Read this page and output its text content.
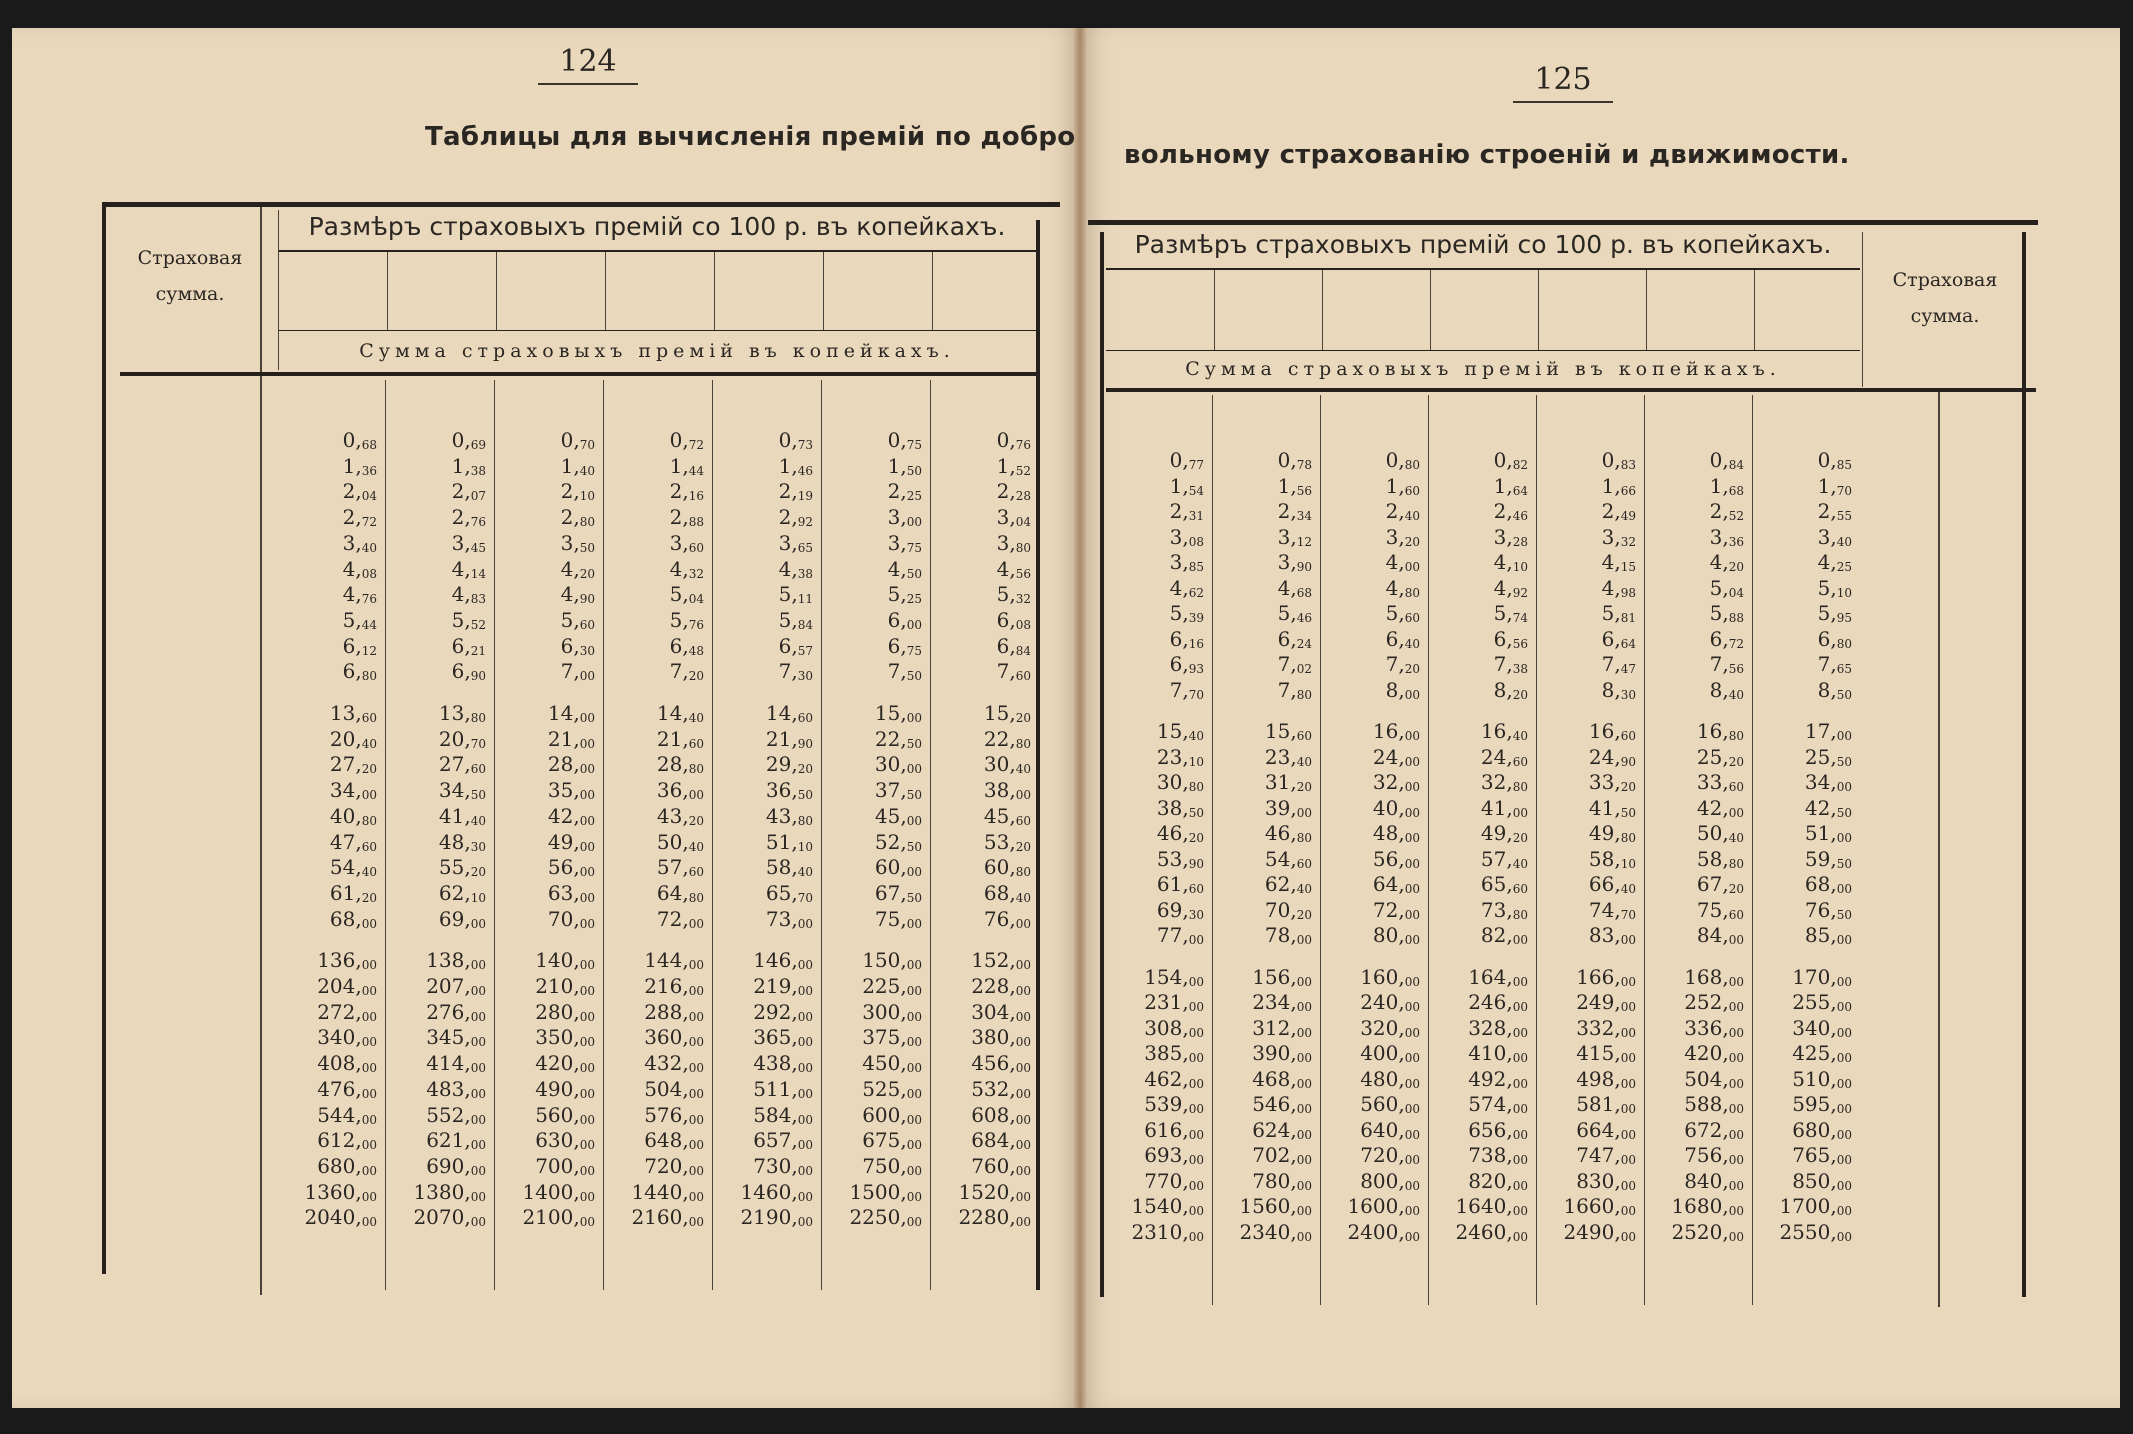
124
Таблицы для вычисленія премій по добро
Страховая сумма.
Размѣръ страховыхъ премій со 100 р. въ копейкахъ.
Сумма страховыхъ премій въ копейкахъ.
125
вольному страхованію строеній и движимости.
Размѣръ страховыхъ премій со 100 р. въ копейкахъ.
Сумма страховыхъ премій въ копейкахъ.
Страховая сумма.
$0,_{68}$	$0,_{69}$	$0,_{70}$	$0,_{72}$	$0,_{73}$	$0,_{75}$	$0,_{76}$
$1,_{36}$	$1,_{38}$	$1,_{40}$	$1,_{44}$	$1,_{46}$	$1,_{50}$	$1,_{52}$
$2,_{04}$	$2,_{07}$	$2,_{10}$	$2,_{16}$	$2,_{19}$	$2,_{25}$	$2,_{28}$
$2,_{72}$	$2,_{76}$	$2,_{80}$	$2,_{88}$	$2,_{92}$	$3,_{00}$	$3,_{04}$
$3,_{40}$	$3,_{45}$	$3,_{50}$	$3,_{60}$	$3,_{65}$	$3,_{75}$	$3,_{80}$
$4,_{08}$	$4,_{14}$	$4,_{20}$	$4,_{32}$	$4,_{38}$	$4,_{50}$	$4,_{56}$
$4,_{76}$	$4,_{83}$	$4,_{90}$	$5,_{04}$	$5,_{11}$	$5,_{25}$	$5,_{32}$
$5,_{44}$	$5,_{52}$	$5,_{60}$	$5,_{76}$	$5,_{84}$	$6,_{00}$	$6,_{08}$
$6,_{12}$	$6,_{21}$	$6,_{30}$	$6,_{48}$	$6,_{57}$	$6,_{75}$	$6,_{84}$
$6,_{80}$	$6,_{90}$	$7,_{00}$	$7,_{20}$	$7,_{30}$	$7,_{50}$	$7,_{60}$
$13,_{60}$	$13,_{80}$	$14,_{00}$	$14,_{40}$	$14,_{60}$	$15,_{00}$	$15,_{20}$
$20,_{40}$	$20,_{70}$	$21,_{00}$	$21,_{60}$	$21,_{90}$	$22,_{50}$	$22,_{80}$
$27,_{20}$	$27,_{60}$	$28,_{00}$	$28,_{80}$	$29,_{20}$	$30,_{00}$	$30,_{40}$
$34,_{00}$	$34,_{50}$	$35,_{00}$	$36,_{00}$	$36,_{50}$	$37,_{50}$	$38,_{00}$
$40,_{80}$	$41,_{40}$	$42,_{00}$	$43,_{20}$	$43,_{80}$	$45,_{00}$	$45,_{60}$
$47,_{60}$	$48,_{30}$	$49,_{00}$	$50,_{40}$	$51,_{10}$	$52,_{50}$	$53,_{20}$
$54,_{40}$	$55,_{20}$	$56,_{00}$	$57,_{60}$	$58,_{40}$	$60,_{00}$	$60,_{80}$
$61,_{20}$	$62,_{10}$	$63,_{00}$	$64,_{80}$	$65,_{70}$	$67,_{50}$	$68,_{40}$
$68,_{00}$	$69,_{00}$	$70,_{00}$	$72,_{00}$	$73,_{00}$	$75,_{00}$	$76,_{00}$
$136,_{00}$	$138,_{00}$	$140,_{00}$	$144,_{00}$	$146,_{00}$	$150,_{00}$	$152,_{00}$
$204,_{00}$	$207,_{00}$	$210,_{00}$	$216,_{00}$	$219,_{00}$	$225,_{00}$	$228,_{00}$
$272,_{00}$	$276,_{00}$	$280,_{00}$	$288,_{00}$	$292,_{00}$	$300,_{00}$	$304,_{00}$
$340,_{00}$	$345,_{00}$	$350,_{00}$	$360,_{00}$	$365,_{00}$	$375,_{00}$	$380,_{00}$
$408,_{00}$	$414,_{00}$	$420,_{00}$	$432,_{00}$	$438,_{00}$	$450,_{00}$	$456,_{00}$
$476,_{00}$	$483,_{00}$	$490,_{00}$	$504,_{00}$	$511,_{00}$	$525,_{00}$	$532,_{00}$
$544,_{00}$	$552,_{00}$	$560,_{00}$	$576,_{00}$	$584,_{00}$	$600,_{00}$	$608,_{00}$
$612,_{00}$	$621,_{00}$	$630,_{00}$	$648,_{00}$	$657,_{00}$	$675,_{00}$	$684,_{00}$
$680,_{00}$	$690,_{00}$	$700,_{00}$	$720,_{00}$	$730,_{00}$	$750,_{00}$	$760,_{00}$
$1360,_{00}$	$1380,_{00}$	$1400,_{00}$	$1440,_{00}$	$1460,_{00}$	$1500,_{00}$	$1520,_{00}$
$2040,_{00}$	$2070,_{00}$	$2100,_{00}$	$2160,_{00}$	$2190,_{00}$	$2250,_{00}$	$2280,_{00}$
$0,_{77}$	$0,_{78}$	$0,_{80}$	$0,_{82}$	$0,_{83}$	$0,_{84}$	$0,_{85}$
$1,_{54}$	$1,_{56}$	$1,_{60}$	$1,_{64}$	$1,_{66}$	$1,_{68}$	$1,_{70}$
$2,_{31}$	$2,_{34}$	$2,_{40}$	$2,_{46}$	$2,_{49}$	$2,_{52}$	$2,_{55}$
$3,_{08}$	$3,_{12}$	$3,_{20}$	$3,_{28}$	$3,_{32}$	$3,_{36}$	$3,_{40}$
$3,_{85}$	$3,_{90}$	$4,_{00}$	$4,_{10}$	$4,_{15}$	$4,_{20}$	$4,_{25}$
$4,_{62}$	$4,_{68}$	$4,_{80}$	$4,_{92}$	$4,_{98}$	$5,_{04}$	$5,_{10}$
$5,_{39}$	$5,_{46}$	$5,_{60}$	$5,_{74}$	$5,_{81}$	$5,_{88}$	$5,_{95}$
$6,_{16}$	$6,_{24}$	$6,_{40}$	$6,_{56}$	$6,_{64}$	$6,_{72}$	$6,_{80}$
$6,_{93}$	$7,_{02}$	$7,_{20}$	$7,_{38}$	$7,_{47}$	$7,_{56}$	$7,_{65}$
$7,_{70}$	$7,_{80}$	$8,_{00}$	$8,_{20}$	$8,_{30}$	$8,_{40}$	$8,_{50}$
$15,_{40}$	$15,_{60}$	$16,_{00}$	$16,_{40}$	$16,_{60}$	$16,_{80}$	$17,_{00}$
$23,_{10}$	$23,_{40}$	$24,_{00}$	$24,_{60}$	$24,_{90}$	$25,_{20}$	$25,_{50}$
$30,_{80}$	$31,_{20}$	$32,_{00}$	$32,_{80}$	$33,_{20}$	$33,_{60}$	$34,_{00}$
$38,_{50}$	$39,_{00}$	$40,_{00}$	$41,_{00}$	$41,_{50}$	$42,_{00}$	$42,_{50}$
$46,_{20}$	$46,_{80}$	$48,_{00}$	$49,_{20}$	$49,_{80}$	$50,_{40}$	$51,_{00}$
$53,_{90}$	$54,_{60}$	$56,_{00}$	$57,_{40}$	$58,_{10}$	$58,_{80}$	$59,_{50}$
$61,_{60}$	$62,_{40}$	$64,_{00}$	$65,_{60}$	$66,_{40}$	$67,_{20}$	$68,_{00}$
$69,_{30}$	$70,_{20}$	$72,_{00}$	$73,_{80}$	$74,_{70}$	$75,_{60}$	$76,_{50}$
$77,_{00}$	$78,_{00}$	$80,_{00}$	$82,_{00}$	$83,_{00}$	$84,_{00}$	$85,_{00}$
$154,_{00}$	$156,_{00}$	$160,_{00}$	$164,_{00}$	$166,_{00}$	$168,_{00}$	$170,_{00}$
$231,_{00}$	$234,_{00}$	$240,_{00}$	$246,_{00}$	$249,_{00}$	$252,_{00}$	$255,_{00}$
$308,_{00}$	$312,_{00}$	$320,_{00}$	$328,_{00}$	$332,_{00}$	$336,_{00}$	$340,_{00}$
$385,_{00}$	$390,_{00}$	$400,_{00}$	$410,_{00}$	$415,_{00}$	$420,_{00}$	$425,_{00}$
$462,_{00}$	$468,_{00}$	$480,_{00}$	$492,_{00}$	$498,_{00}$	$504,_{00}$	$510,_{00}$
$539,_{00}$	$546,_{00}$	$560,_{00}$	$574,_{00}$	$581,_{00}$	$588,_{00}$	$595,_{00}$
$616,_{00}$	$624,_{00}$	$640,_{00}$	$656,_{00}$	$664,_{00}$	$672,_{00}$	$680,_{00}$
$693,_{00}$	$702,_{00}$	$720,_{00}$	$738,_{00}$	$747,_{00}$	$756,_{00}$	$765,_{00}$
$770,_{00}$	$780,_{00}$	$800,_{00}$	$820,_{00}$	$830,_{00}$	$840,_{00}$	$850,_{00}$
$1540,_{00}$	$1560,_{00}$	$1600,_{00}$	$1640,_{00}$	$1660,_{00}$	$1680,_{00}$	$1700,_{00}$
$2310,_{00}$	$2340,_{00}$	$2400,_{00}$	$2460,_{00}$	$2490,_{00}$	$2520,_{00}$	$2550,_{00}$
